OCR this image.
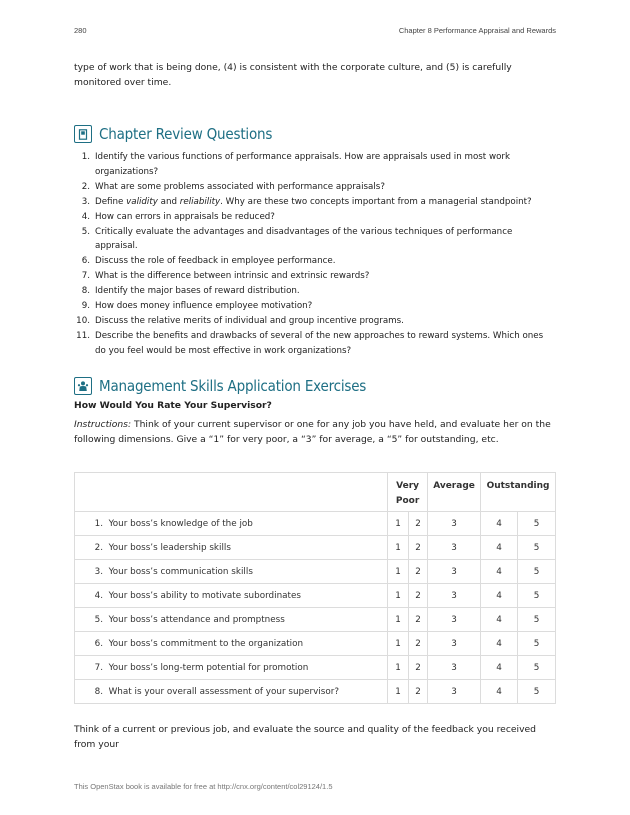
280	Chapter 8 Performance Appraisal and Rewards
type of work that is being done, (4) is consistent with the corporate culture, and (5) is carefully monitored over time.
Chapter Review Questions
1. Identify the various functions of performance appraisals. How are appraisals used in most work organizations?
2. What are some problems associated with performance appraisals?
3. Define validity and reliability. Why are these two concepts important from a managerial standpoint?
4. How can errors in appraisals be reduced?
5. Critically evaluate the advantages and disadvantages of the various techniques of performance appraisal.
6. Discuss the role of feedback in employee performance.
7. What is the difference between intrinsic and extrinsic rewards?
8. Identify the major bases of reward distribution.
9. How does money influence employee motivation?
10. Discuss the relative merits of individual and group incentive programs.
11. Describe the benefits and drawbacks of several of the new approaches to reward systems. Which ones do you feel would be most effective in work organizations?
Management Skills Application Exercises
How Would You Rate Your Supervisor?
Instructions: Think of your current supervisor or one for any job you have held, and evaluate her on the following dimensions. Give a “1” for very poor, a “3” for average, a “5” for outstanding, etc.
	Very Poor		Average	Outstanding	
1. Your boss’s knowledge of the job	1	2	3	4	5
2. Your boss’s leadership skills	1	2	3	4	5
3. Your boss’s communication skills	1	2	3	4	5
4. Your boss’s ability to motivate subordinates	1	2	3	4	5
5. Your boss’s attendance and promptness	1	2	3	4	5
6. Your boss’s commitment to the organization	1	2	3	4	5
7. Your boss’s long-term potential for promotion	1	2	3	4	5
8. What is your overall assessment of your supervisor?	1	2	3	4	5
Think of a current or previous job, and evaluate the source and quality of the feedback you received from your
This OpenStax book is available for free at http://cnx.org/content/col29124/1.5
